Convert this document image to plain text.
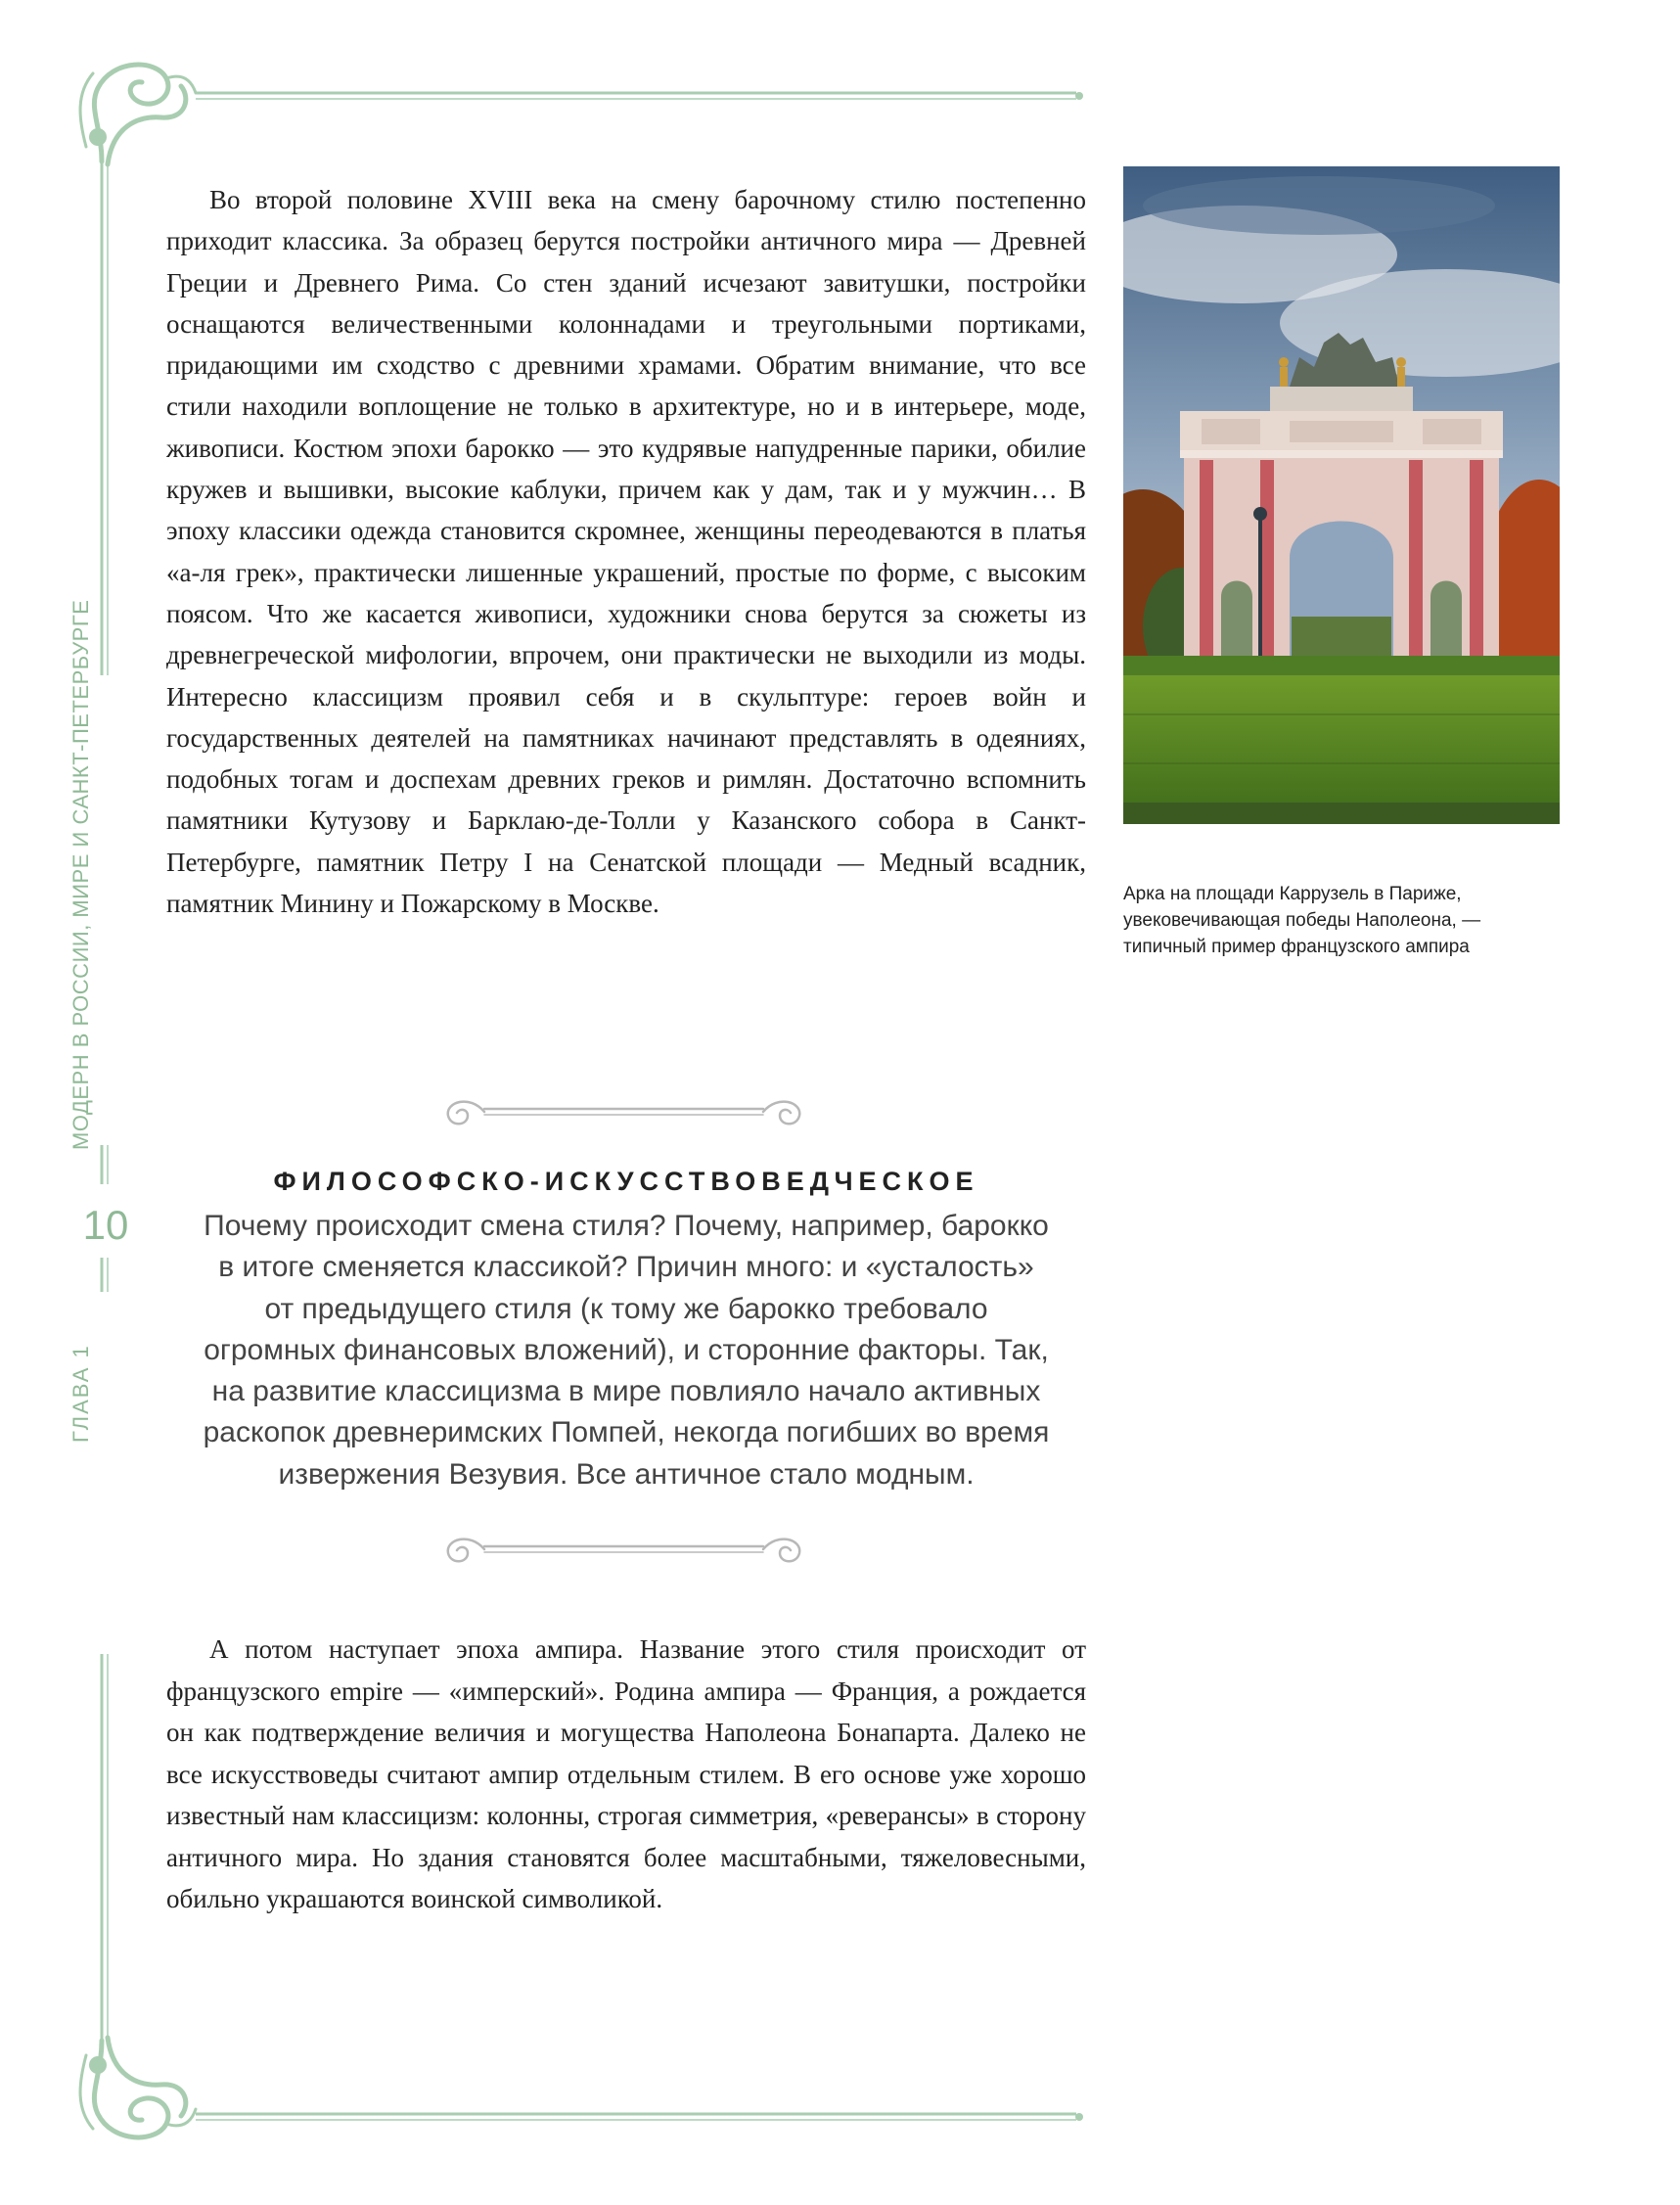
МОДЕРН В РОССИИ, МИРЕ И САНКТ-ПЕТЕРБУРГЕ
10
ГЛАВА 1

Во второй половине XVIII века на смену барочному стилю постепенно приходит классика. За образец берутся постройки античного мира — Древней Греции и Древнего Рима. Со стен зданий исчезают завитушки, постройки оснащаются величественными колоннадами и треугольными портиками, придающими им сходство с древними храмами. Обратим внимание, что все стили находили воплощение не только в архитектуре, но и в интерьере, моде, живописи. Костюм эпохи барокко — это кудрявые напудренные парики, обилие кружев и вышивки, высокие каблуки, причем как у дам, так и у мужчин… В эпоху классики одежда становится скромнее, женщины переодеваются в платья «а-ля грек», практически лишенные украшений, простые по форме, с высоким поясом. Что же касается живописи, художники снова берутся за сюжеты из древнегреческой мифологии, впрочем, они практически не выходили из моды. Интересно классицизм проявил себя и в скульптуре: героев войн и государственных деятелей на памятниках начинают представлять в одеяниях, подобных тогам и доспехам древних греков и римлян. Достаточно вспомнить памятники Кутузову и Барклаю-де-Толли у Казанского собора в Санкт-Петербурге, памятник Петру I на Сенатской площади — Медный всадник, памятник Минину и Пожарскому в Москве.	Арка на площади Каррузель в Париже,
увековечивающая победы Наполеона, —
типичный пример французского ампира
ФИЛОСОФСКО-ИСКУССТВОВЕДЧЕСКОЕ
Почему происходит смена стиля? Почему, например, барокко
в итоге сменяется классикой? Причин много: и «усталость»
от предыдущего стиля (к тому же барокко требовало
огромных финансовых вложений), и сторонние факторы. Так,
на развитие классицизма в мире повлияло начало активных
раскопок древнеримских Помпей, некогда погибших во время
извержения Везувия. Все античное стало модным.

А потом наступает эпоха ампира. Название этого стиля происходит от французского empire — «имперский». Родина ампира — Франция, а рождается он как подтверждение величия и могущества Наполеона Бонапарта. Далеко не все искусствоведы считают ампир отдельным стилем. В его основе уже хорошо известный нам классицизм: колонны, строгая симметрия, «реверансы» в сторону античного мира. Но здания становятся более масштабными, тяжеловесными, обильно украшаются воинской символикой.
